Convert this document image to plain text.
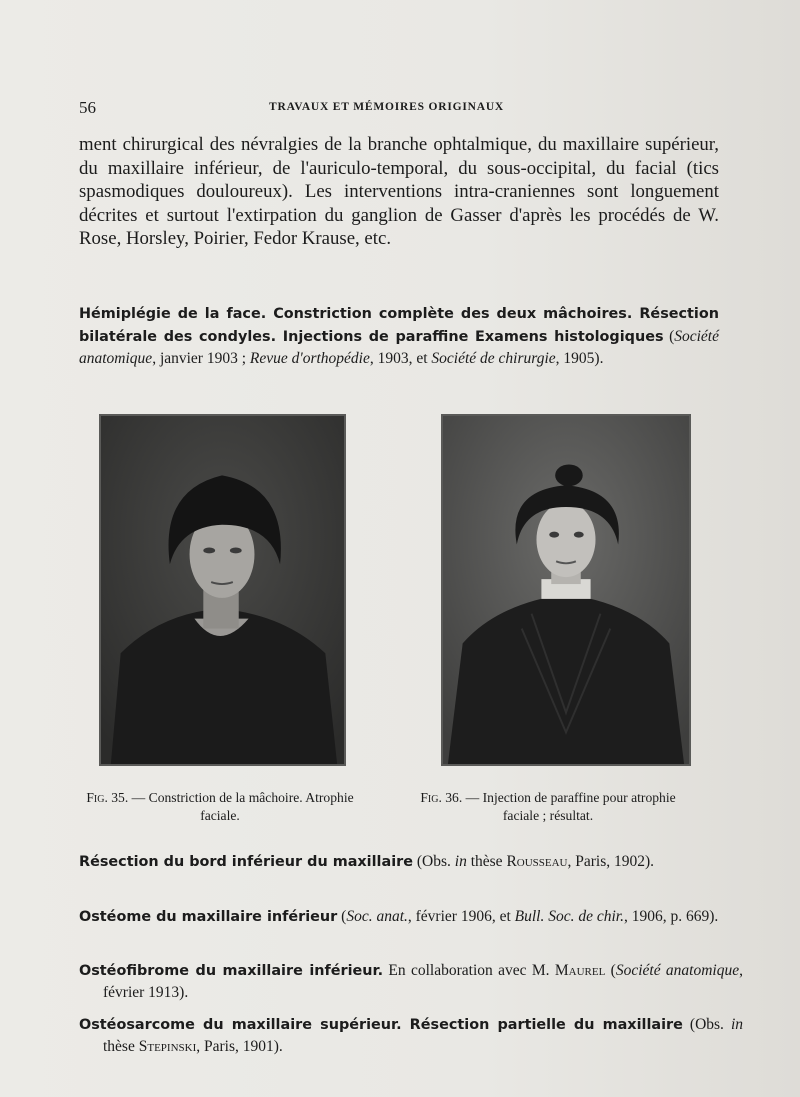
56	TRAVAUX ET MÉMOIRES ORIGINAUX

ment chirurgical des névralgies de la branche ophtalmique, du maxillaire supérieur, du maxillaire inférieur, de l'auriculo-temporal, du sous-occipital, du facial (tics spasmodiques douloureux). Les interventions intra-craniennes sont longuement décrites et surtout l'extirpation du ganglion de Gasser d'après les procédés de W. Rose, Horsley, Poirier, Fedor Krause, etc.

Hémiplégie de la face. Constriction complète des deux mâchoires. Résection bilatérale des condyles. Injections de paraffine Examens histologiques (Société anatomique, janvier 1903 ; Revue d'orthopédie, 1903, et Société de chirurgie, 1905).

Fig. 35. — Constriction de la mâchoire. Atrophie faciale.
Fig. 36. — Injection de paraffine pour atrophie faciale ; résultat.

Résection du bord inférieur du maxillaire (Obs. in thèse Rousseau, Paris, 1902).

Ostéome du maxillaire inférieur (Soc. anat., février 1906, et Bull. Soc. de chir., 1906, p. 669).

Ostéofibrome du maxillaire inférieur. En collaboration avec M. Maurel (Société anatomique, février 1913).

Ostéosarcome du maxillaire supérieur. Résection partielle du maxillaire (Obs. in thèse Stepinski, Paris, 1901).
